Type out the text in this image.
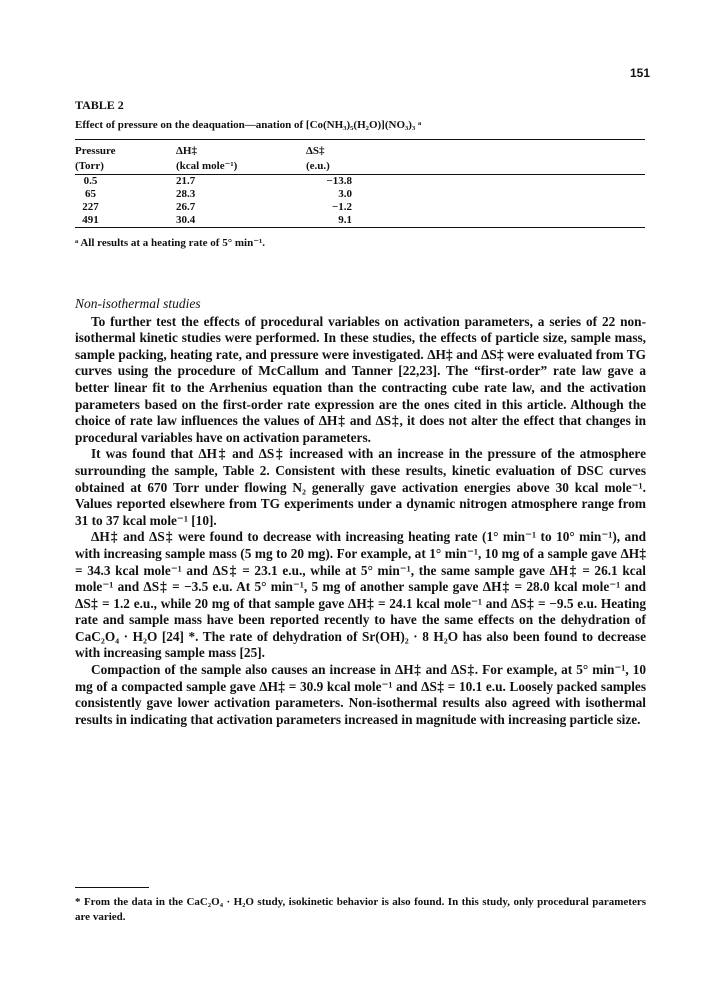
151

TABLE 2

Effect of pressure on the deaquation—anation of [Co(NH₃)₅(H₂O)](NO₃)₃ ᵃ

Pressure	ΔH‡	ΔS‡	
(Torr)	(kcal mole⁻¹)	(e.u.)	

0.5	21.7	−13.8	
65	28.3	3.0	
227	26.7	−1.2	
491	30.4	9.1	
ᵃ All results at a heating rate of 5° min⁻¹.

Non-isothermal studies

To further test the effects of procedural variables on activation parameters, a series of 22 non-isothermal kinetic studies were performed. In these studies, the effects of particle size, sample mass, sample packing, heating rate, and pressure were investigated. ΔH‡ and ΔS‡ were evaluated from TG curves using the procedure of McCallum and Tanner [22,23]. The “first-order” rate law gave a better linear fit to the Arrhenius equation than the contracting cube rate law, and the activation parameters based on the first-order rate expression are the ones cited in this article. Although the choice of rate law influences the values of ΔH‡ and ΔS‡, it does not alter the effect that changes in procedural variables have on activation parameters.

It was found that ΔH‡ and ΔS‡ increased with an increase in the pressure of the atmosphere surrounding the sample, Table 2. Consistent with these results, kinetic evaluation of DSC curves obtained at 670 Torr under flowing N₂ generally gave activation energies above 30 kcal mole⁻¹. Values reported elsewhere from TG experiments under a dynamic nitrogen atmosphere range from 31 to 37 kcal mole⁻¹ [10].

ΔH‡ and ΔS‡ were found to decrease with increasing heating rate (1° min⁻¹ to 10° min⁻¹), and with increasing sample mass (5 mg to 20 mg). For example, at 1° min⁻¹, 10 mg of a sample gave ΔH‡ = 34.3 kcal mole⁻¹ and ΔS‡ = 23.1 e.u., while at 5° min⁻¹, the same sample gave ΔH‡ = 26.1 kcal mole⁻¹ and ΔS‡ = −3.5 e.u. At 5° min⁻¹, 5 mg of another sample gave ΔH‡ = 28.0 kcal mole⁻¹ and ΔS‡ = 1.2 e.u., while 20 mg of that sample gave ΔH‡ = 24.1 kcal mole⁻¹ and ΔS‡ = −9.5 e.u. Heating rate and sample mass have been reported recently to have the same effects on the dehydration of CaC₂O₄ · H₂O [24] *. The rate of dehydration of Sr(OH)₂ · 8 H₂O has also been found to decrease with increasing sample mass [25].

Compaction of the sample also causes an increase in ΔH‡ and ΔS‡. For example, at 5° min⁻¹, 10 mg of a compacted sample gave ΔH‡ = 30.9 kcal mole⁻¹ and ΔS‡ = 10.1 e.u. Loosely packed samples consistently gave lower activation parameters. Non-isothermal results also agreed with isothermal results in indicating that activation parameters increased in magnitude with increasing particle size.

* From the data in the CaC₂O₄ · H₂O study, isokinetic behavior is also found. In this study, only procedural parameters are varied.
